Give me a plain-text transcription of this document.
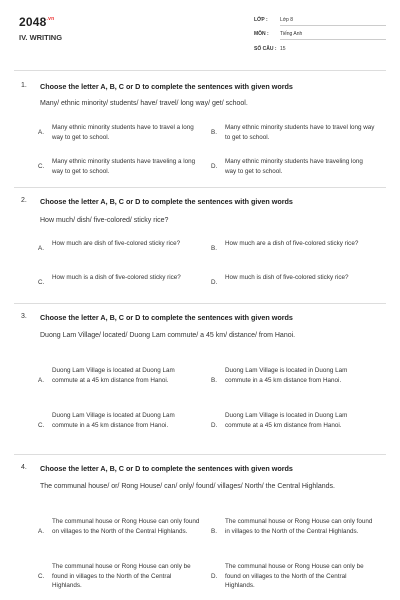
$2048^{.vn}$
IV. WRITING
LỚP : Lớp 8
MÔN : Tiếng Anh
SỐ CÂU : 15
1. Choose the letter A, B, C or D to complete the sentences with given words
Many/ ethnic minority/ students/ have/ travel/ long way/ get/ school.
A.
Many ethnic minority students have to travel a long way to get to school.
B.
Many ethnic minority students have to travel long way to get to school.
C.
Many ethnic minority students have traveling a long way to get to school.
D.
Many ethnic minority students have traveling long way to get to school.
2. Choose the letter A, B, C or D to complete the sentences with given words
How much/ dish/ five-colored/ sticky rice?
A.
How much are dish of five-colored sticky rice?
B.
How much are a dish of five-colored sticky rice?
C.
How much is a dish of five-colored sticky rice?
D.
How much is dish of five-colored sticky rice?
3. Choose the letter A, B, C or D to complete the sentences with given words
Duong Lam Village/ located/ Duong Lam commute/ a 45 km/ distance/ from Hanoi.
A.
Duong Lam Village is located at Duong Lam commute at a 45 km distance from Hanoi.	B.
Duong Lam Village is located in Duong Lam commute in a 45 km distance from Hanoi.
C.
Duong Lam Village is located at Duong Lam commute in a 45 km distance from Hanoi.	D.
Duong Lam Village is located in Duong Lam commute at a 45 km distance from Hanoi.
4. Choose the letter A, B, C or D to complete the sentences with given words
The communal house/ or/ Rong House/ can/ only/ found/ villages/ North/ the Central Highlands.
A.
The communal house or Rong House can only found on villages to the North of the Central Highlands.	B.
The communal house or Rong House can only found in villages to the North of the Central Highlands.
C.
The communal house or Rong House can only be found in villages to the North of the Central Highlands.
D.
The communal house or Rong House can only be found on villages to the North of the Central Highlands.
